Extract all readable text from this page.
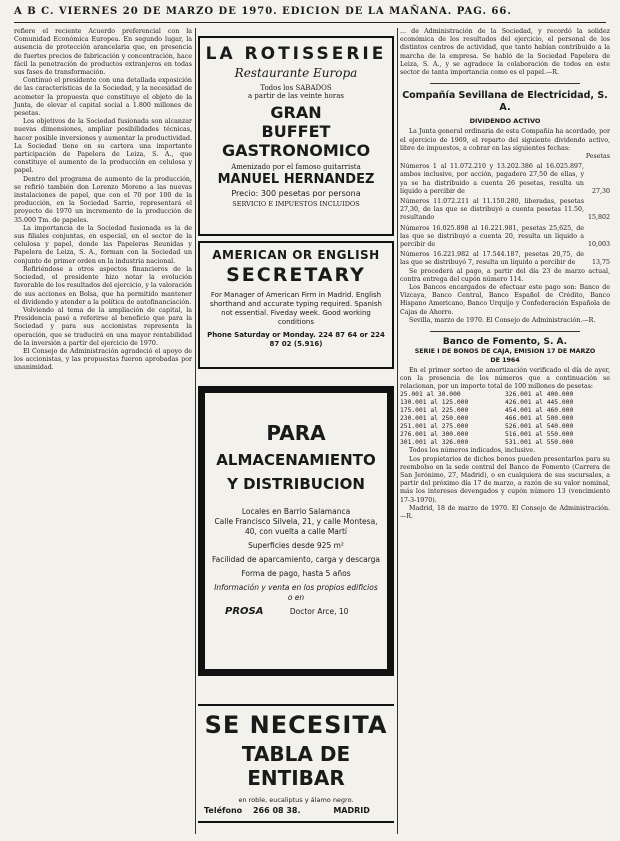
A B C. VIERNES 20 DE MARZO DE 1970. EDICION DE LA MAÑANA. PAG. 66.

refiere el reciente Acuerdo preferencial con la Comunidad Económica Europea. En segundo lugar, la ausencia de protección arancelaria que, en presencia de fuertes precios de fabricación y concentración, hace fácil la penetración de productos extranjeros en todas sus fases de transformación.

Continuó el presidente con una detallada exposición de las características de la Sociedad, y la necesidad de acometer la propuesta que constituye el objeto de la Junta, de elevar el capital social a 1.800 millones de pesetas.

Los objetivos de la Sociedad fusionada son alcanzar nuevas dimensiones, ampliar posibilidades técnicas, hacer posible inversiones y aumentar la productividad. La Sociedad tiene en su cartera una importante participación de Papelera de Leiza, S. A., que constituye el aumento de la producción en celulosa y papel.

Dentro del programa de aumento de la producción, se refirió también don Lorenzo Moreno a las nuevas instalaciones de papel, que con el 70 por 100 de la producción, en la Sociedad Sarrio, representará el proyecto de 1970 un incremento de la producción de 35.000 Tm. de papeles.

La importancia de la Sociedad fusionada es la de sus filiales conjuntas, en especial, en el sector de la celulosa y papel, donde las Papeleras Reunidas y Papelera de Leiza, S. A., forman con la Sociedad un conjunto de primer orden en la industria nacional.

Refiriéndose a otros aspectos financieros de la Sociedad, el presidente hizo notar la evolución favorable de los resultados del ejercicio, y la valoración de sus acciones en Bolsa, que ha permitido mantener el dividendo y atender a la política de autofinanciación.

Volviendo al tema de la ampliación de capital, la Presidencia pasó a referirse al beneficio que para la Sociedad y para sus accionistas representa la operación, que se traducirá en una mayor rentabilidad de la inversión a partir del ejercicio de 1970.

El Consejo de Administración agradeció el apoyo de los accionistas, y las propuestas fueron aprobadas por unanimidad.

LA ROTISSERIE
Restaurante Europa
Todos los SABADOS
a partir de las veinte horas
GRAN
BUFFET
GASTRONOMICO
Amenizado por el famoso guitarrista
MANUEL HERNANDEZ
Precio: 300 pesetas por persona
SERVICIO E IMPUESTOS INCLUIDOS
AMERICAN OR ENGLISH
SECRETARY
For Manager of American Firm in Madrid. English shorthand and accurate typing required. Spanish not essential. Fiveday week. Good working conditions
Phone Saturday or Monday. 224 87 64 or 224 87 02 (5.916)
PARA
ALMACENAMIENTO
Y DISTRIBUCION
Locales en Barrio Salamanca
Calle Francisco Silvela, 21, y calle Montesa, 40, con vuelta a calle Martí
Superficies desde 925 m²
Facilidad de aparcamiento, carga y descarga
Forma de pago, hasta 5 años
Información y venta en los propios edificios o en
PROSA	Doctor Arce, 10
SE NECESITA
TABLA DE ENTIBAR
en roble, eucaliptus y álamo negro.
Teléfono 266 08 38.	MADRID

... de Administración de la Sociedad, y recordó la solidez económica de los resultados del ejercicio, el personal de los distintos centros de actividad, que tanto habían contribuido a la marcha de la empresa. Se habló de la Sociedad Papelera de Leiza, S. A., y se agradece la colaboración de todos en este sector de tanta importancia como es el papel.—R.

Compañía Sevillana de Electricidad, S. A.
DIVIDENDO ACTIVO

La Junta general ordinaria de esta Compañía ha acordado, por el ejercicio de 1969, el reparto del siguiente dividendo activo, libre de impuestos, a cobrar en las siguientes fechas:

Pesetas
Números 1 al 11.072.210 y 13.202.386 al 16.025.897, ambos inclusive, por acción, pagadero 27,50 de ellas, y ya se ha distribuido a cuenta 26 pesetas, resulta un líquido a percibir de	27,30
Números 11.072.211 al 11.150.280, liberadas, pesetas 27,30, de las que se distribuyó a cuenta pesetas 11.50, resultando	15,802
Números 16.025.898 al 16.221.981, pesetas 25,625, de las que se distribuyó a cuenta 20, resulta un líquido a percibir de	10,003
Números 16.221.982 al 17.544.187, pesetas 20,75, de las que se distribuyó 7, resulta un líquido a percibir de	13,75

Se procederá al pago, a partir del día 23 de marzo actual, contra entrega del cupón número 114.

Los Bancos encargados de efectuar este pago son: Banco de Vizcaya, Banco Central, Banco Español de Crédito, Banco Hispano Americano, Banco Urquijo y Confederación Española de Cajas de Ahorro.

Sevilla, marzo de 1970. El Consejo de Administración.—R.

Banco de Fomento, S. A.
SERIE I DE BONOS DE CAJA, EMISION 17 DE MARZO DE 1964

En el primer sorteo de amortización verificado el día de ayer, con la presencia de los números que a continuación se relacionan, por un importe total de 100 millones de pesetas:

25.001 al 30.000	326.001 al 400.000
130.001 al 125.000	426.001 al 445.000
175.001 al 225.000	454.001 al 460.000
230.001 al 250.000	466.001 al 500.000
251.001 al 275.000	526.001 al 540.000
276.001 al 300.000	516.001 al 550.000
301.001 al 326.000	531.001 al 550.000

Todos los números indicados, inclusive.

Los propietarios de dichos bonos pueden presentarlos para su reembolso en la sede central del Banco de Fomento (Carrera de San Jerónimo, 27, Madrid), o en cualquiera de sus sucursales, a partir del próximo día 17 de marzo, a razón de su valor nominal, más los intereses devengados y cupón número 13 (vencimiento 17-3-1970).

Madrid, 18 de marzo de 1970. El Consejo de Administración.—R.
